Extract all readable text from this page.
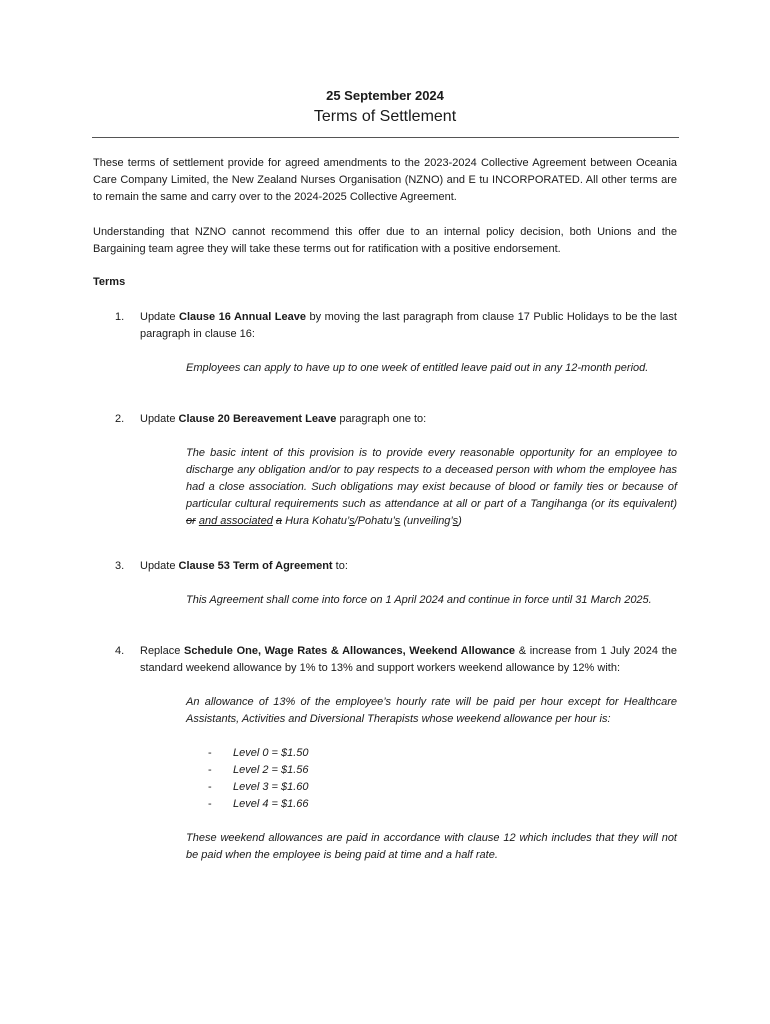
25 September 2024
Terms of Settlement
These terms of settlement provide for agreed amendments to the 2023-2024 Collective Agreement between Oceania Care Company Limited, the New Zealand Nurses Organisation (NZNO) and E tu INCORPORATED. All other terms are to remain the same and carry over to the 2024-2025 Collective Agreement.
Understanding that NZNO cannot recommend this offer due to an internal policy decision, both Unions and the Bargaining team agree they will take these terms out for ratification with a positive endorsement.
Terms
1. Update Clause 16 Annual Leave by moving the last paragraph from clause 17 Public Holidays to be the last paragraph in clause 16:
Employees can apply to have up to one week of entitled leave paid out in any 12-month period.
2. Update Clause 20 Bereavement Leave paragraph one to:
The basic intent of this provision is to provide every reasonable opportunity for an employee to discharge any obligation and/or to pay respects to a deceased person with whom the employee has had a close association. Such obligations may exist because of blood or family ties or because of particular cultural requirements such as attendance at all or part of a Tangihanga (or its equivalent) or and associated a Hura Kohatu’s/Pohatu’s (unveiling’s)
3. Update Clause 53 Term of Agreement to:
This Agreement shall come into force on 1 April 2024 and continue in force until 31 March 2025.
4. Replace Schedule One, Wage Rates & Allowances, Weekend Allowance & increase from 1 July 2024 the standard weekend allowance by 1% to 13% and support workers weekend allowance by 12% with:
An allowance of 13% of the employee’s hourly rate will be paid per hour except for Healthcare Assistants, Activities and Diversional Therapists whose weekend allowance per hour is:
- Level 0 = $1.50
- Level 2 = $1.56
- Level 3 = $1.60
- Level 4 = $1.66
These weekend allowances are paid in accordance with clause 12 which includes that they will not be paid when the employee is being paid at time and a half rate.
